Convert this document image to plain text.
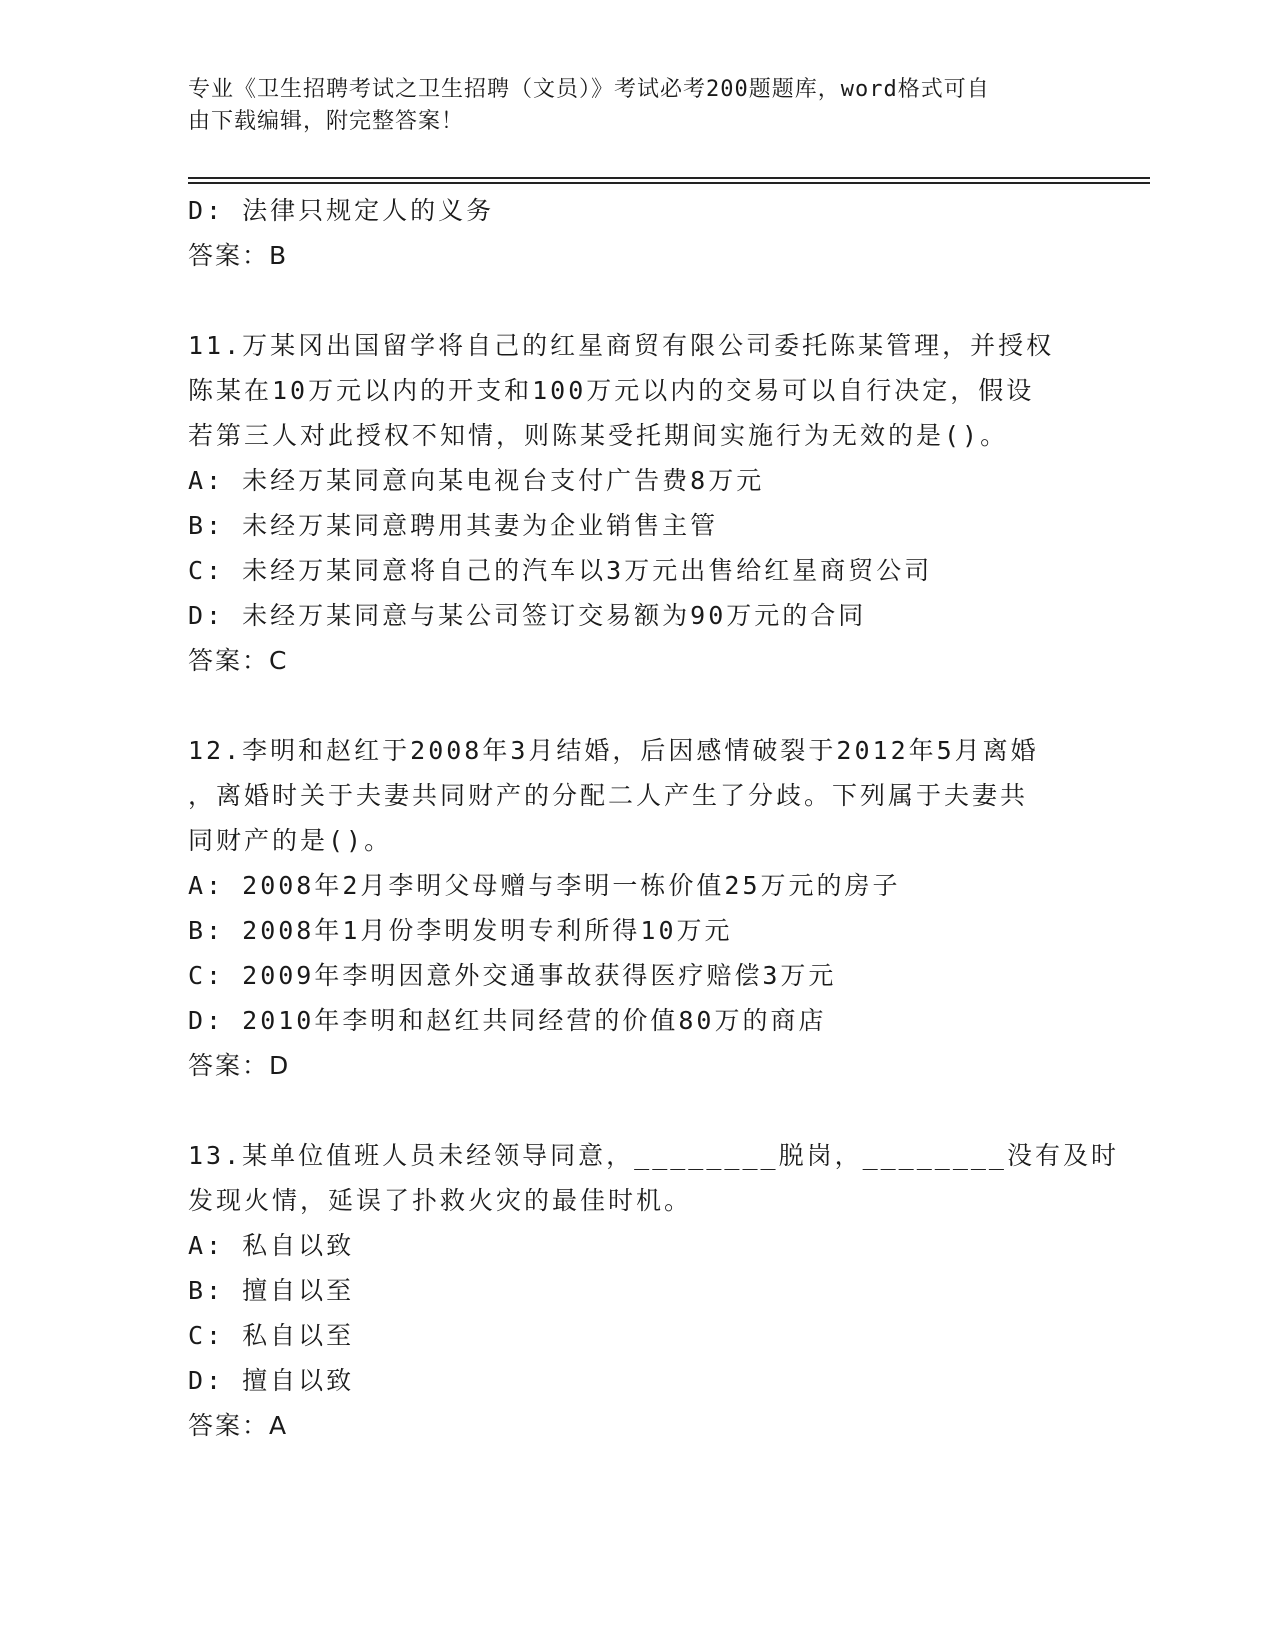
专业《卫生招聘考试之卫生招聘（文员）》考试必考200题题库，word格式可自
由下载编辑，附完整答案！
D: 法律只规定人的义务
答案：B
11.万某冈出国留学将自己的红星商贸有限公司委托陈某管理，并授权
陈某在10万元以内的开支和100万元以内的交易可以自行决定，假设
若第三人对此授权不知情，则陈某受托期间实施行为无效的是()。
A: 未经万某同意向某电视台支付广告费8万元
B: 未经万某同意聘用其妻为企业销售主管
C: 未经万某同意将自己的汽车以3万元出售给红星商贸公司
D: 未经万某同意与某公司签订交易额为90万元的合同
答案：C
12.李明和赵红于2008年3月结婚，后因感情破裂于2012年5月离婚
，离婚时关于夫妻共同财产的分配二人产生了分歧。下列属于夫妻共
同财产的是()。
A: 2008年2月李明父母赠与李明一栋价值25万元的房子
B: 2008年1月份李明发明专利所得10万元
C: 2009年李明因意外交通事故获得医疗赔偿3万元
D: 2010年李明和赵红共同经营的价值80万的商店
答案：D
13.某单位值班人员未经领导同意，________脱岗，________没有及时
发现火情，延误了扑救火灾的最佳时机。
A: 私自以致
B: 擅自以至
C: 私自以至
D: 擅自以致
答案：A
